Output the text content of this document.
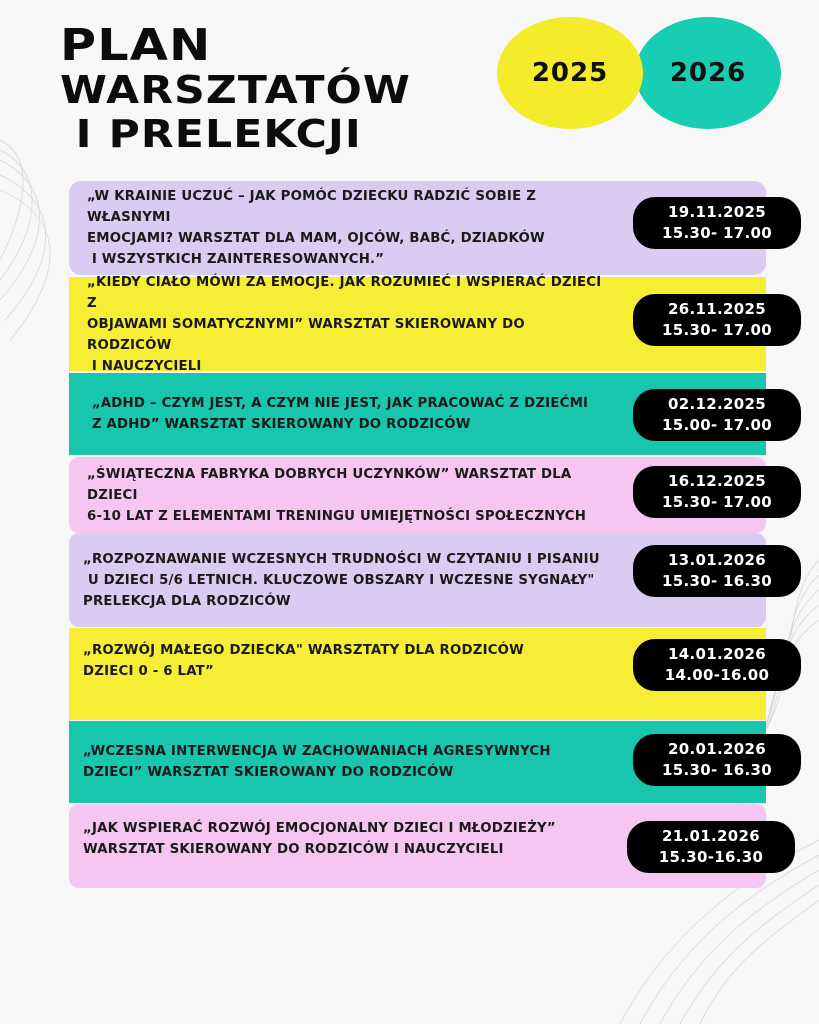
PLAN
WARSZTATÓW
I PRELEKCJI
2025	2026
„W KRAINIE UCZUĆ – JAK POMÓC DZIECKU RADZIĆ SOBIE Z WŁASNYMI
EMOCJAMI? WARSZTAT DLA MAM, OJCÓW, BABĆ, DZIADKÓW
I WSZYSTKICH ZAINTERESOWANYCH.”
„KIEDY CIAŁO MÓWI ZA EMOCJE. JAK ROZUMIEĆ I WSPIERAĆ DZIECI Z
OBJAWAMI SOMATYCZNYMI” WARSZTAT SKIEROWANY DO RODZICÓW
I NAUCZYCIELI
„ADHD – CZYM JEST, A CZYM NIE JEST, JAK PRACOWAĆ Z DZIEĆMI
Z ADHD” WARSZTAT SKIEROWANY DO RODZICÓW
„ŚWIĄTECZNA FABRYKA DOBRYCH UCZYNKÓW” WARSZTAT DLA DZIECI
6-10 LAT Z ELEMENTAMI TRENINGU UMIEJĘTNOŚCI SPOŁECZNYCH
„ROZPOZNAWANIE WCZESNYCH TRUDNOŚCI W CZYTANIU I PISANIU
U DZIECI 5/6 LETNICH. KLUCZOWE OBSZARY I WCZESNE SYGNAŁY"
PRELEKCJA DLA RODZICÓW
„ROZWÓJ MAŁEGO DZIECKA" WARSZTATY DLA RODZICÓW
DZIECI 0 - 6 LAT”
„WCZESNA INTERWENCJA W ZACHOWANIACH AGRESYWNYCH
DZIECI” WARSZTAT SKIEROWANY DO RODZICÓW
„JAK WSPIERAĆ ROZWÓJ EMOCJONALNY DZIECI I MŁODZIEŻY”
WARSZTAT SKIEROWANY DO RODZICÓW I NAUCZYCIELI
19.11.2025
15.30- 17.00
26.11.2025
15.30- 17.00
02.12.2025
15.00- 17.00
16.12.2025
15.30- 17.00
13.01.2026
15.30- 16.30
14.01.2026
14.00-16.00
20.01.2026
15.30- 16.30
21.01.2026
15.30-16.30
